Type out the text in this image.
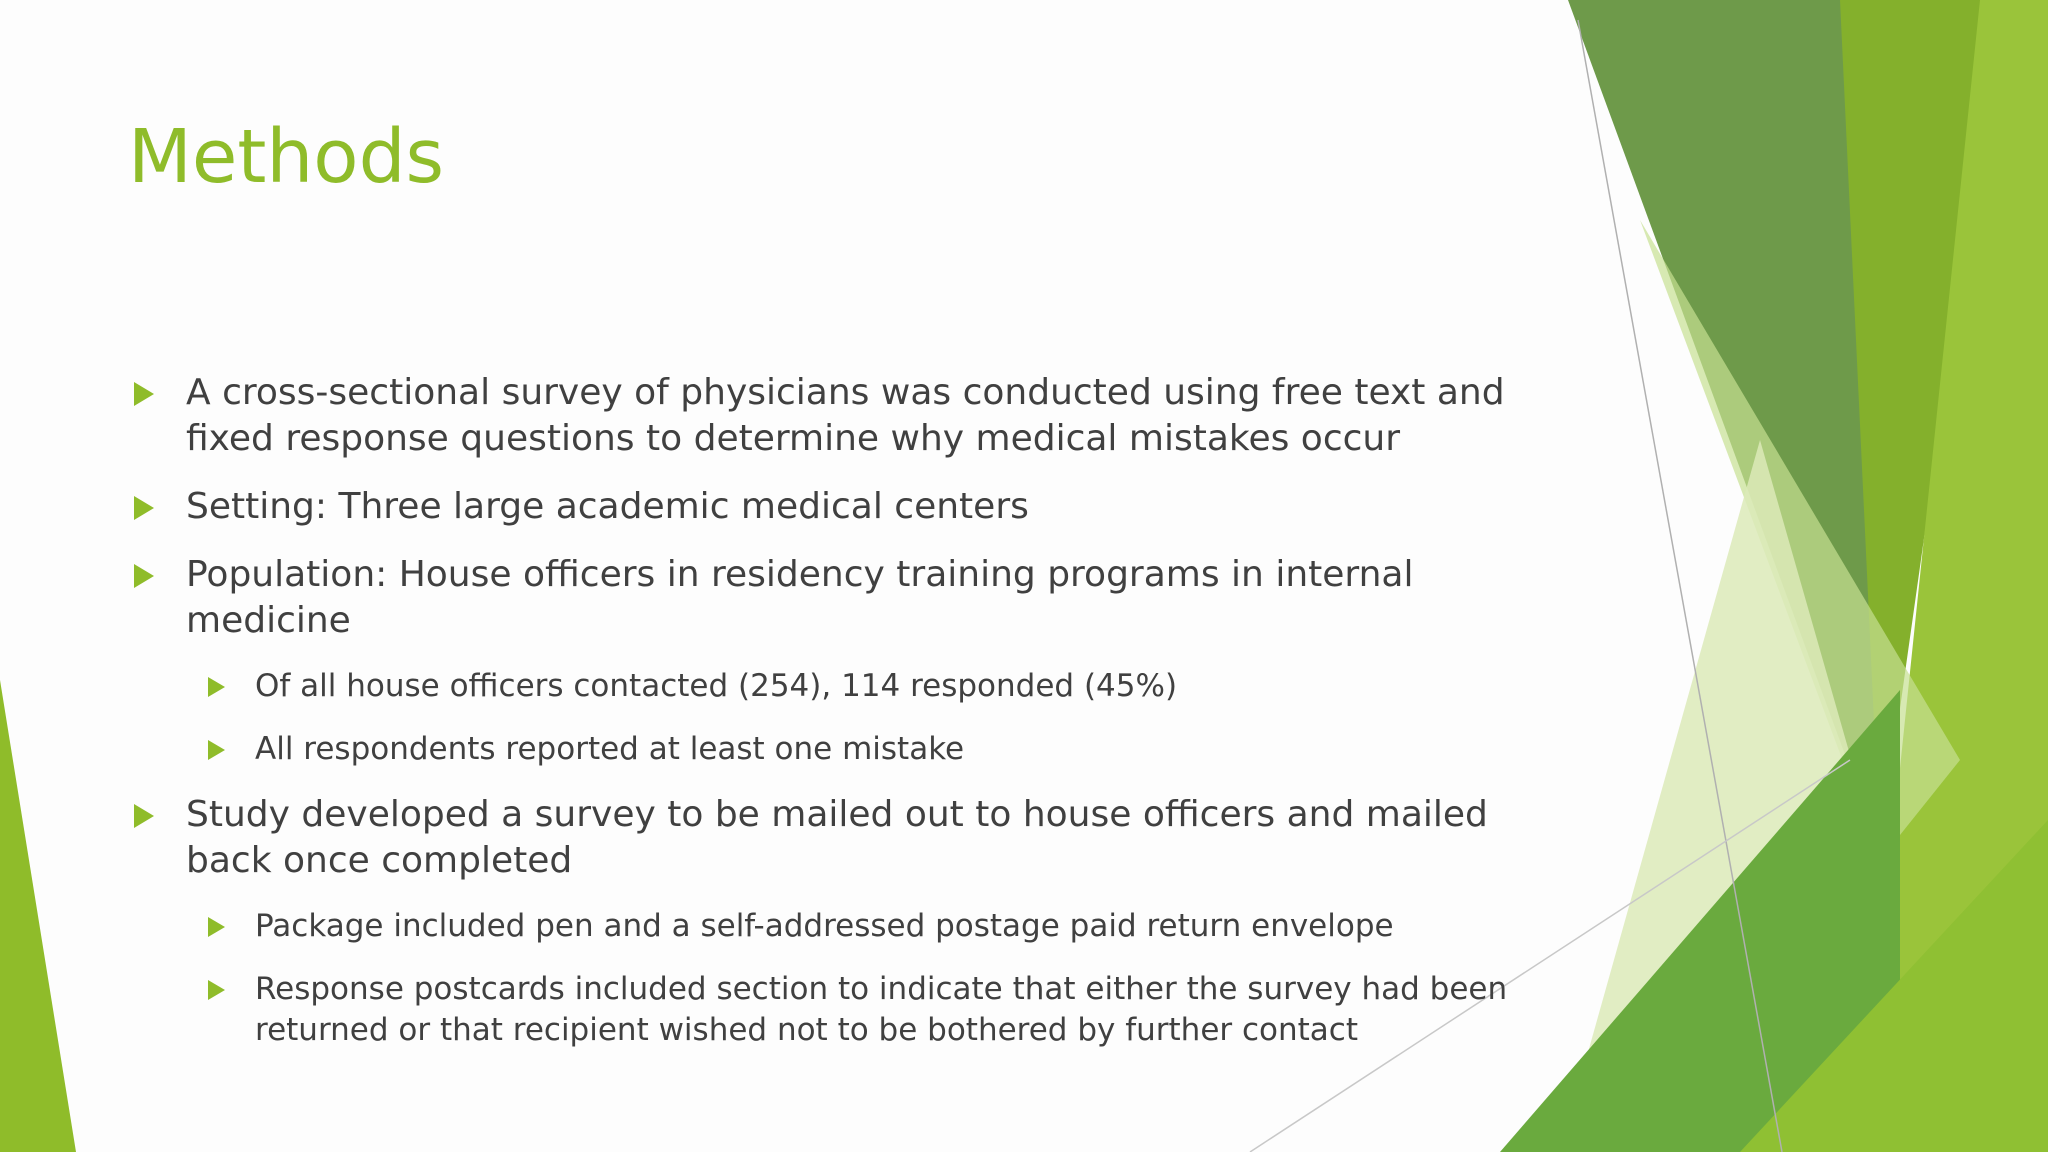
Methods
A cross-sectional survey of physicians was conducted using free text and fixed response questions to determine why medical mistakes occur
Setting: Three large academic medical centers
Population: House officers in residency training programs in internal medicine
Of all house officers contacted (254), 114 responded (45%)
All respondents reported at least one mistake
Study developed a survey to be mailed out to house officers and mailed back once completed
Package included pen and a self-addressed postage paid return envelope
Response postcards included section to indicate that either the survey had been returned or that recipient wished not to be bothered by further contact
